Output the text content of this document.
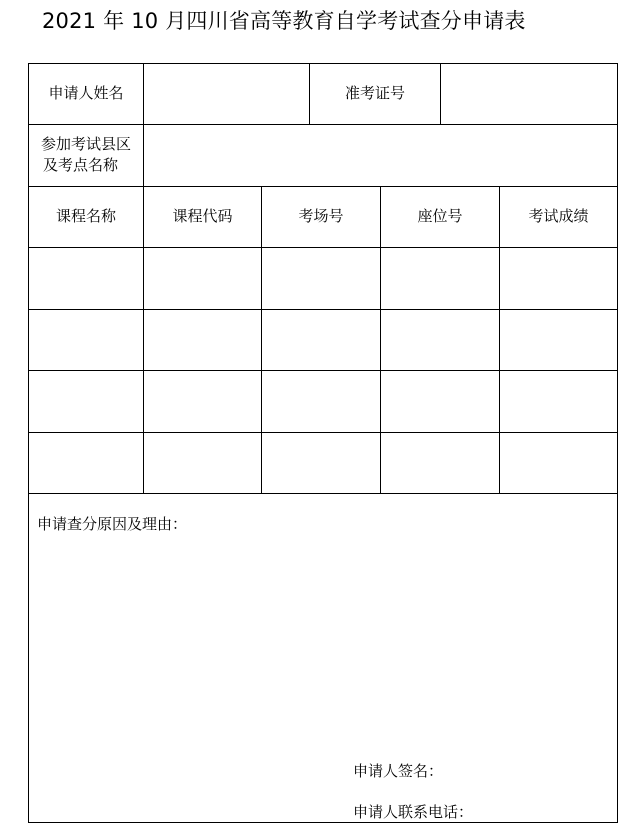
2021 年 10 月四川省高等教育自学考试查分申请表
申请人姓名	准考证号
参加考试县区
及考点名称
课程名称	课程代码	考场号	座位号	考试成绩
申请查分原因及理由：
申请人签名：
申请人联系电话：
